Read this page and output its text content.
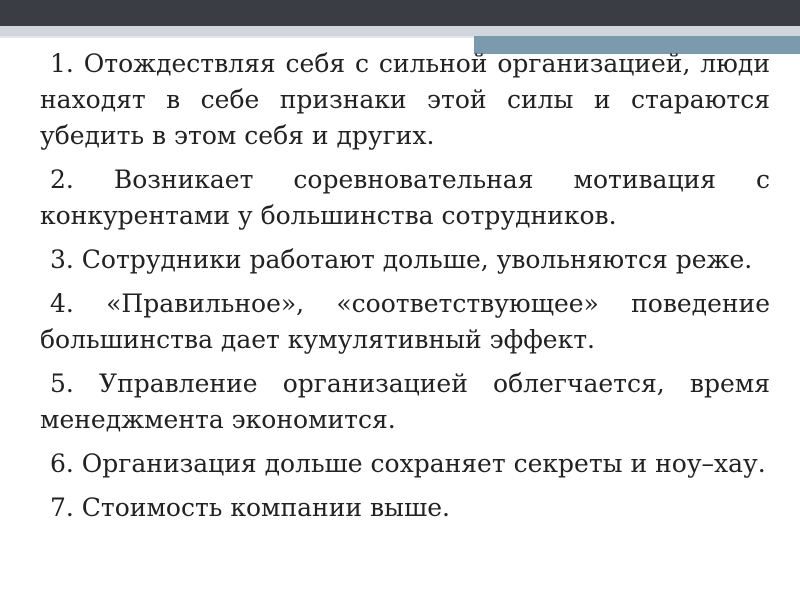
1. Отождествляя себя с сильной организацией, люди находят в себе признаки этой силы и стараются убедить в этом себя и других.

2. Возникает соревновательная мотивация с конкурентами у большинства сотрудников.

3. Сотрудники работают дольше, увольняются реже.

4. «Правильное», «соответствующее» поведение большинства дает кумулятивный эффект.

5. Управление организацией облегчается, время менеджмента экономится.

6. Организация дольше сохраняет секреты и ноу–хау.

7. Стоимость компании выше.
